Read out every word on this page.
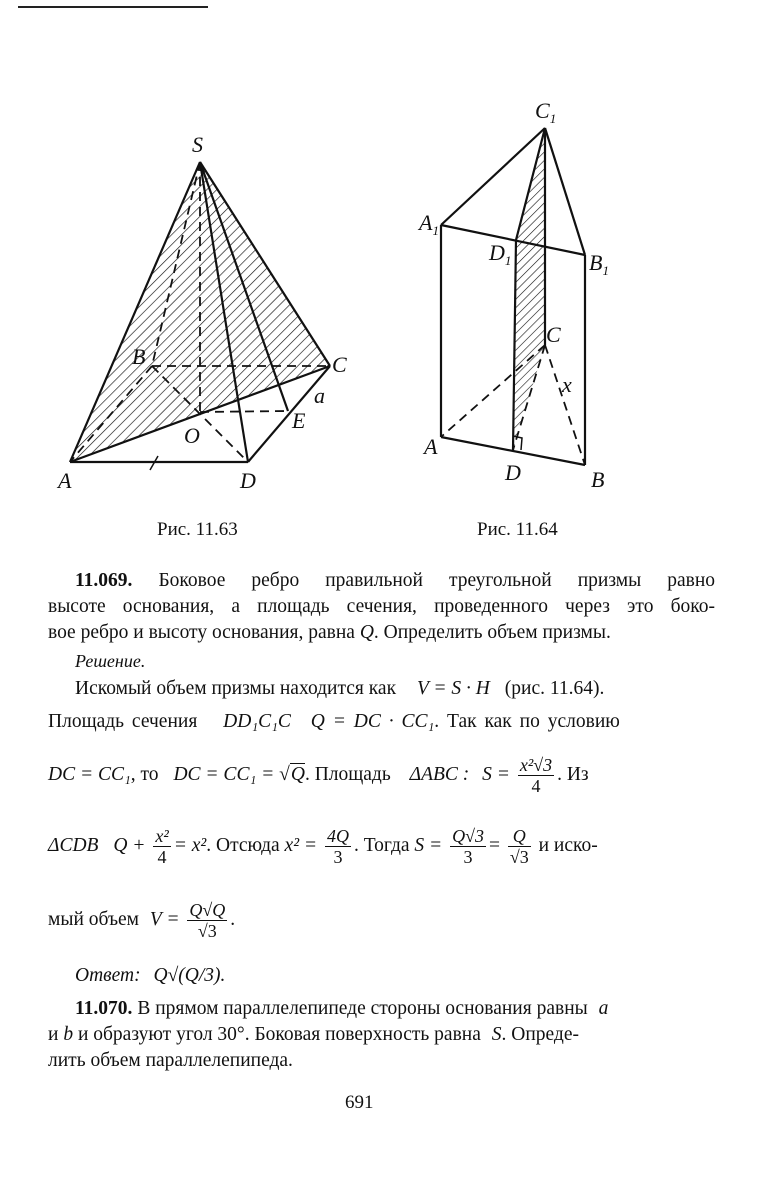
S
A
B	C
D
O
E
a
$C_1$
$A_1$
$B_1$
$D_1$
C
A
B
D
x
Рис. 11.63	Рис. 11.64
11.069. Боковое ребро правильной треугольной призмы равно
высоте основания, а площадь сечения, проведенного через это боко-
вое ребро и высоту основания, равна Q. Определить объем призмы.
Решение.
Искомый объем призмы находится как V = S · H (рис. 11.64).
Площадь сечения DD₁C₁C Q = DC · CC₁. Так как по условию
DC = CC₁, то DC = CC₁ = √Q. Площадь ΔABC : $S = \frac{\text{x²√3}}{4}$ . Из
ΔCDB $Q + \frac{\text{x²}}{4} = x^2$. Отсюда $x^2 = \frac{4Q}{3}$ . Тогда $S = \frac{Q√3}{3} = \frac{Q}{√3}$ и иско-
мый объем $V = \frac{Q√Q}{√3}$ .
Ответ: Q√(Q/3).
11.070. В прямом параллелепипеде стороны основания равны a
и b и образуют угол 30°. Боковая поверхность равна S. Опреде-
лить объем параллелепипеда.
691
